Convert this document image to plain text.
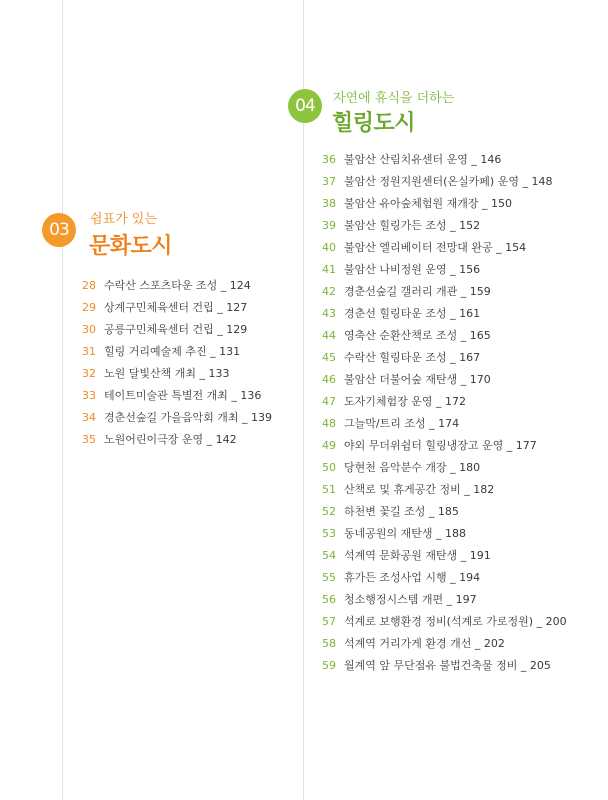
04	자연에 휴식을 더하는
힐링도시
03
쉼표가 있는
문화도시
28 수락산 스포츠타운 조성 _ 124
29 상계구민체육센터 건립 _ 127
30 공릉구민체육센터 건립 _ 129
31 힐링 거리예술제 추진 _ 131
32 노원 달빛산책 개최 _ 133
33 테이트미술관 특별전 개최 _ 136
34 경춘선숲길 가을음악회 개최 _ 139
35 노원어린이극장 운영 _ 142
36 불암산 산림치유센터 운영 _ 146
37 불암산 정원지원센터(온실카페) 운영 _ 148
38 불암산 유아숲체험원 재개장 _ 150
39 불암산 힐링가든 조성 _ 152
40 불암산 엘리베이터 전망대 완공 _ 154
41 불암산 나비정원 운영 _ 156
42 경춘선숲길 갤러리 개관 _ 159
43 경춘선 힐링타운 조성 _ 161
44 영축산 순환산책로 조성 _ 165
45 수락산 힐링타운 조성 _ 167
46 불암산 더불어숲 재탄생 _ 170
47 도자기체험장 운영 _ 172
48 그늘막/트리 조성 _ 174
49 야외 무더위쉼터 힐링냉장고 운영 _ 177
50 당현천 음악분수 개장 _ 180
51 산책로 및 휴게공간 정비 _ 182
52 하천변 꽃길 조성 _ 185
53 동네공원의 재탄생 _ 188
54 석계역 문화공원 재탄생 _ 191
55 휴가든 조성사업 시행 _ 194
56 청소행정시스템 개편 _ 197
57 석계로 보행환경 정비(석계로 가로정원) _ 200
58 석계역 거리가게 환경 개선 _ 202
59 월계역 앞 무단점유 불법건축물 정비 _ 205
